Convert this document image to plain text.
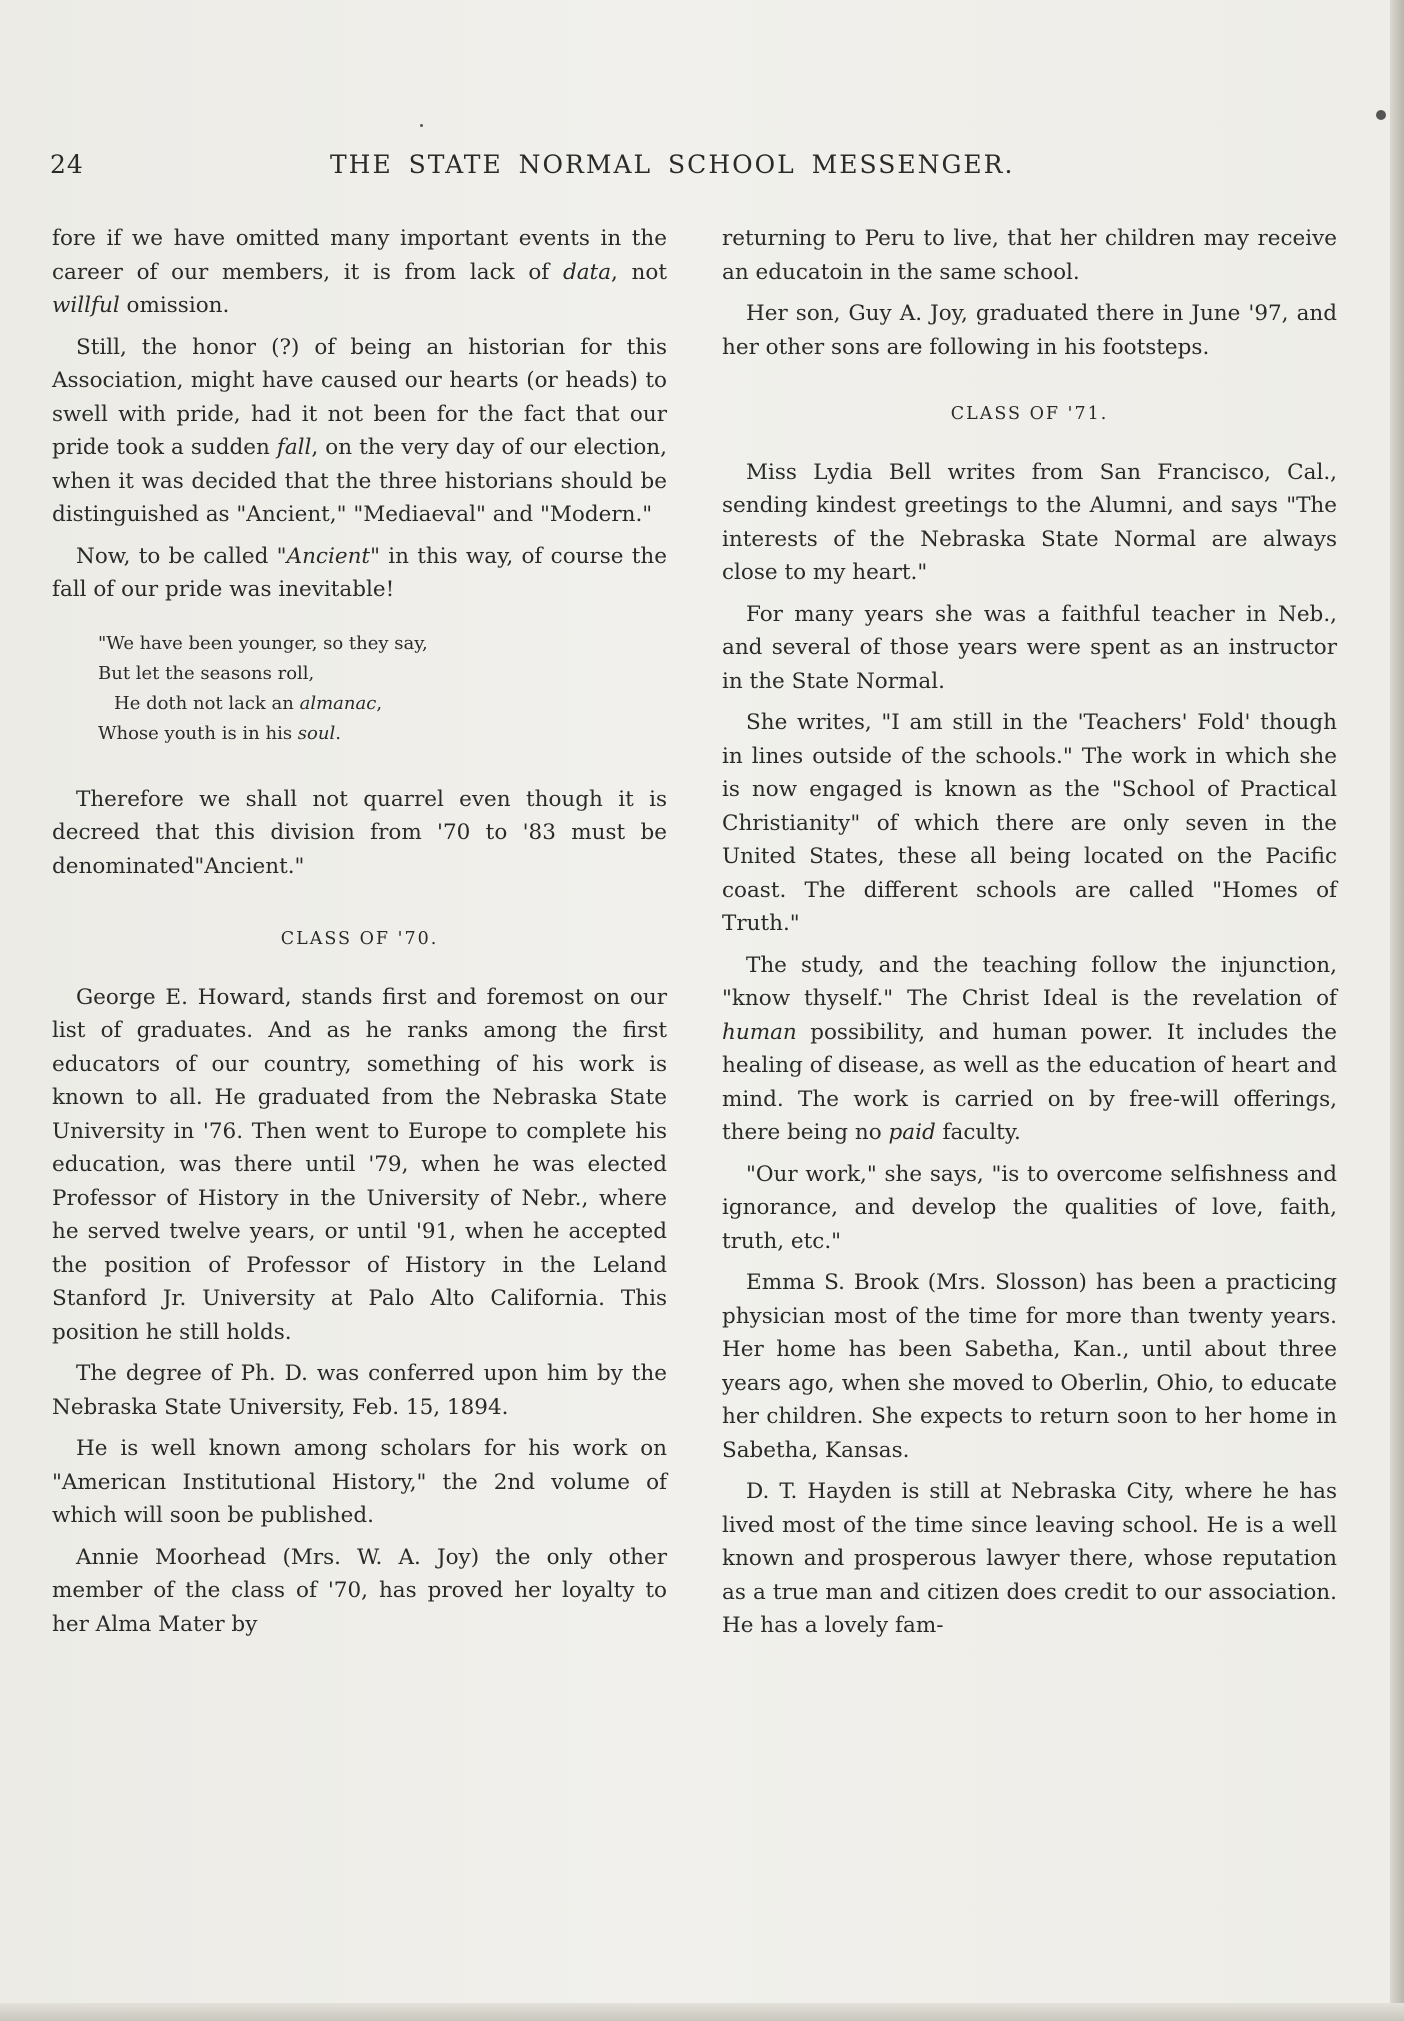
24	THE STATE NORMAL SCHOOL MESSENGER.

fore if we have omitted many important events in the career of our members, it is from lack of data, not willful omission.

Still, the honor (?) of being an historian for this Association, might have caused our hearts (or heads) to swell with pride, had it not been for the fact that our pride took a sudden fall, on the very day of our election, when it was decided that the three historians should be distinguished as "Ancient," "Mediaeval" and "Modern."

Now, to be called "Ancient" in this way, of course the fall of our pride was inevitable!

"We have been younger, so they say,
But let the seasons roll,
He doth not lack an almanac,
Whose youth is in his soul.

Therefore we shall not quarrel even though it is decreed that this division from '70 to '83 must be denominated"Ancient."

CLASS OF '70.

George E. Howard, stands first and foremost on our list of graduates. And as he ranks among the first educators of our country, something of his work is known to all. He graduated from the Nebraska State University in '76. Then went to Europe to complete his education, was there until '79, when he was elected Professor of History in the University of Nebr., where he served twelve years, or until '91, when he accepted the position of Professor of History in the Leland Stanford Jr. University at Palo Alto California. This position he still holds.

The degree of Ph. D. was conferred upon him by the Nebraska State University, Feb. 15, 1894.

He is well known among scholars for his work on "American Institutional History," the 2nd volume of which will soon be published.

Annie Moorhead (Mrs. W. A. Joy) the only other member of the class of '70, has proved her loyalty to her Alma Mater by

returning to Peru to live, that her children may receive an educatoin in the same school.

Her son, Guy A. Joy, graduated there in June '97, and her other sons are following in his footsteps.

CLASS OF '71.

Miss Lydia Bell writes from San Francisco, Cal., sending kindest greetings to the Alumni, and says "The interests of the Nebraska State Normal are always close to my heart."

For many years she was a faithful teacher in Neb., and several of those years were spent as an instructor in the State Normal.

She writes, "I am still in the 'Teachers' Fold' though in lines outside of the schools." The work in which she is now engaged is known as the "School of Practical Christianity" of which there are only seven in the United States, these all being located on the Pacific coast. The different schools are called "Homes of Truth."

The study, and the teaching follow the injunction, "know thyself." The Christ Ideal is the revelation of human possibility, and human power. It includes the healing of disease, as well as the education of heart and mind. The work is carried on by free-will offerings, there being no paid faculty.

"Our work," she says, "is to overcome selfishness and ignorance, and develop the qualities of love, faith, truth, etc."

Emma S. Brook (Mrs. Slosson) has been a practicing physician most of the time for more than twenty years. Her home has been Sabetha, Kan., until about three years ago, when she moved to Oberlin, Ohio, to educate her children. She expects to return soon to her home in Sabetha, Kansas.

D. T. Hayden is still at Nebraska City, where he has lived most of the time since leaving school. He is a well known and prosperous lawyer there, whose reputation as a true man and citizen does credit to our association. He has a lovely fam-
